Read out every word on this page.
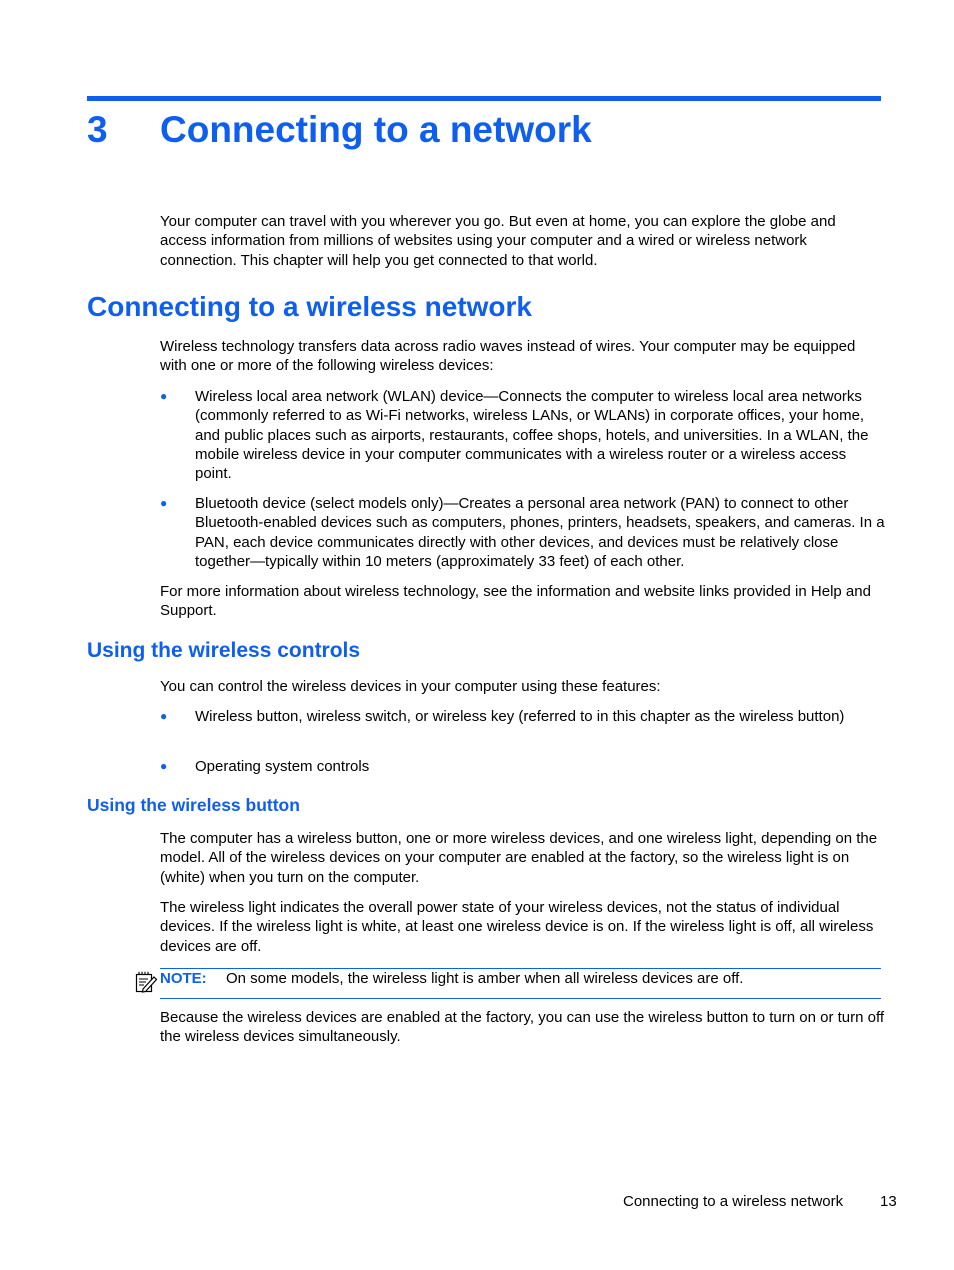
3 Connecting to a network

Your computer can travel with you wherever you go. But even at home, you can explore the globe and access information from millions of websites using your computer and a wired or wireless network connection. This chapter will help you get connected to that world.

Connecting to a wireless network

Wireless technology transfers data across radio waves instead of wires. Your computer may be equipped with one or more of the following wireless devices:

● Wireless local area network (WLAN) device—Connects the computer to wireless local area networks (commonly referred to as Wi-Fi networks, wireless LANs, or WLANs) in corporate offices, your home, and public places such as airports, restaurants, coffee shops, hotels, and universities. In a WLAN, the mobile wireless device in your computer communicates with a wireless router or a wireless access point.
● Bluetooth device (select models only)—Creates a personal area network (PAN) to connect to other Bluetooth-enabled devices such as computers, phones, printers, headsets, speakers, and cameras. In a PAN, each device communicates directly with other devices, and devices must be relatively close together—typically within 10 meters (approximately 33 feet) of each other.

For more information about wireless technology, see the information and website links provided in Help and Support.

Using the wireless controls

You can control the wireless devices in your computer using these features:

● Wireless button, wireless switch, or wireless key (referred to in this chapter as the wireless button)
● Operating system controls
Using the wireless button

The computer has a wireless button, one or more wireless devices, and one wireless light, depending on the model. All of the wireless devices on your computer are enabled at the factory, so the wireless light is on (white) when you turn on the computer.

The wireless light indicates the overall power state of your wireless devices, not the status of individual devices. If the wireless light is white, at least one wireless device is on. If the wireless light is off, all wireless devices are off.

NOTE: On some models, the wireless light is amber when all wireless devices are off.

Because the wireless devices are enabled at the factory, you can use the wireless button to turn on or turn off the wireless devices simultaneously.

Connecting to a wireless network 13
